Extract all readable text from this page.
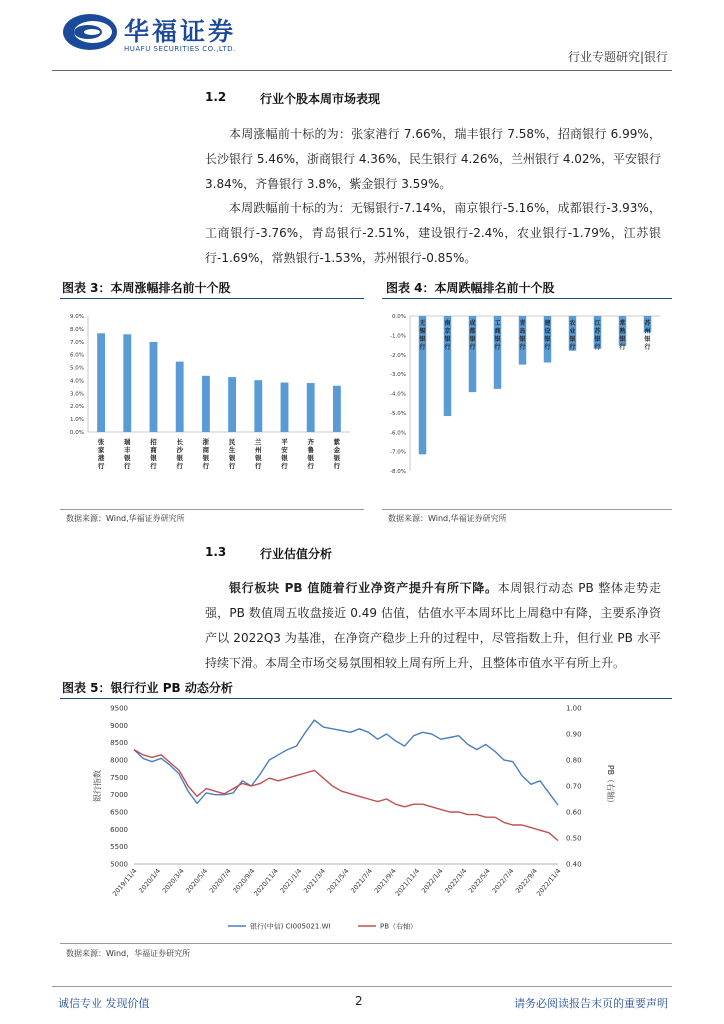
华福证券
HUAFU SECURITIES CO.,LTD.
行业专题研究|银行
1.2	行业个股本周市场表现
本周涨幅前十标的为：张家港行 7.66%，瑞丰银行 7.58%，招商银行 6.99%，长沙银行 5.46%，浙商银行 4.36%，民生银行 4.26%，兰州银行 4.02%，平安银行 3.84%，齐鲁银行 3.8%，紫金银行 3.59%。
本周跌幅前十标的为：无锡银行-7.14%，南京银行-5.16%，成都银行-3.93%，工商银行-3.76%，青岛银行-2.51%，建设银行-2.4%，农业银行-1.79%，江苏银行-1.69%，常熟银行-1.53%，苏州银行-0.85%。
图表 3：本周涨幅排名前十个股
0.0%
1.0%
2.0%
3.0%
4.0%
5.0%
6.0%
7.0%
8.0%
9.0%
张家港行
瑞丰银行
招商银行
长沙银行
浙商银行
民生银行
兰州银行
平安银行
齐鲁银行
紫金银行
数据来源：Wind,华福证券研究所
图表 4：本周跌幅排名前十个股
0.0%
-1.0%
-2.0%
-3.0%
-4.0%
-5.0%
-6.0%
-7.0%
-8.0%
无锡银行
南京银行
成都银行
工商银行
青岛银行
建设银行
农业银行
江苏银行
常熟银行
苏州银行
数据来源：Wind,华福证券研究所
1.3	行业估值分析
银行板块 PB 值随着行业净资产提升有所下降。本周银行动态 PB 整体走势走强，PB 数值周五收盘接近 0.49 估值，估值水平本周环比上周稳中有降，主要系净资产以 2022Q3 为基准，在净资产稳步上升的过程中，尽管指数上升，但行业 PB 水平持续下滑。本周全市场交易氛围相较上周有所上升，且整体市值水平有所上升。
图表 5：银行行业 PB 动态分析
5000
5500
6000
6500
7000
7500
8000
8500
9000
9500
0.40
0.50
0.60
0.70
0.80
0.90
1.00
银行指数	PB（右轴）
2019/11/4
2020/1/4
2020/3/4
2020/5/4
2020/7/4
2020/9/4
2020/11/4
2021/1/4
2021/3/4
2021/5/4
2021/7/4
2021/9/4
2021/11/4
2022/1/4
2022/3/4
2022/5/4
2022/7/4
2022/9/4
2022/11/4
银行(中信) CI005021.WI	PB（右轴）
数据来源：Wind，华福证券研究所
诚信专业 发现价值	2	请务必阅读报告末页的重要声明
